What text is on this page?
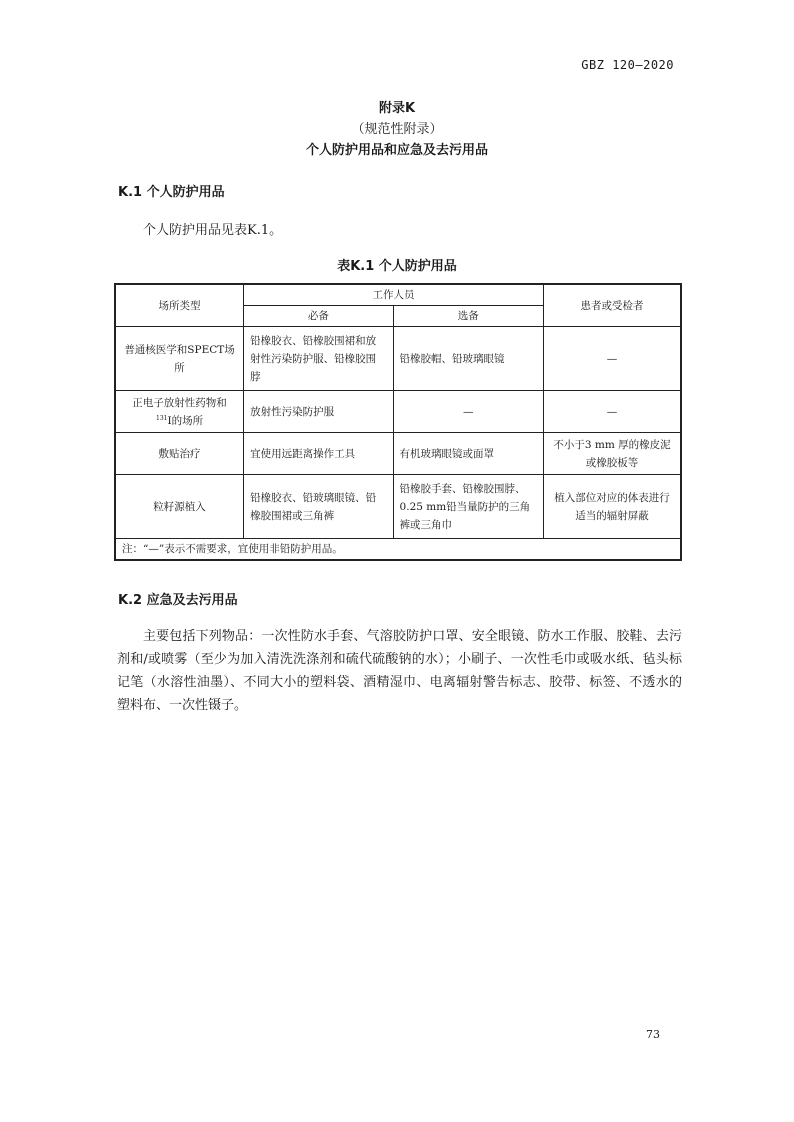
GBZ 120—2020
附录K
（规范性附录）
个人防护用品和应急及去污用品
K.1 个人防护用品
个人防护用品见表K.1。
表K.1 个人防护用品
场所类型	工作人员		患者或受检者
	必备	选备	
普通核医学和SPECT场所	铅橡胶衣、铅橡胶围裙和放射性污染防护服、铅橡胶围脖	铅橡胶帽、铅玻璃眼镜	—
正电子放射性药物和
$^{131}$I的场所	放射性污染防护服	—	—
敷贴治疗	宜使用远距离操作工具	有机玻璃眼镜或面罩	不小于3 mm 厚的橡皮泥或橡胶板等
粒籽源植入	铅橡胶衣、铅玻璃眼镜、铅橡胶围裙或三角裤	铅橡胶手套、铅橡胶围脖、0.25 mm铅当量防护的三角裤或三角巾	植入部位对应的体表进行适当的辐射屏蔽
注：“—”表示不需要求，宜使用非铅防护用品。			
K.2 应急及去污用品
主要包括下列物品：一次性防水手套、气溶胶防护口罩、安全眼镜、防水工作服、胶鞋、去污剂和/或喷雾（至少为加入清洗洗涤剂和硫代硫酸钠的水）；小刷子、一次性毛巾或吸水纸、毡头标记笔（水溶性油墨）、不同大小的塑料袋、酒精湿巾、电离辐射警告标志、胶带、标签、不透水的塑料布、一次性镊子。
73
